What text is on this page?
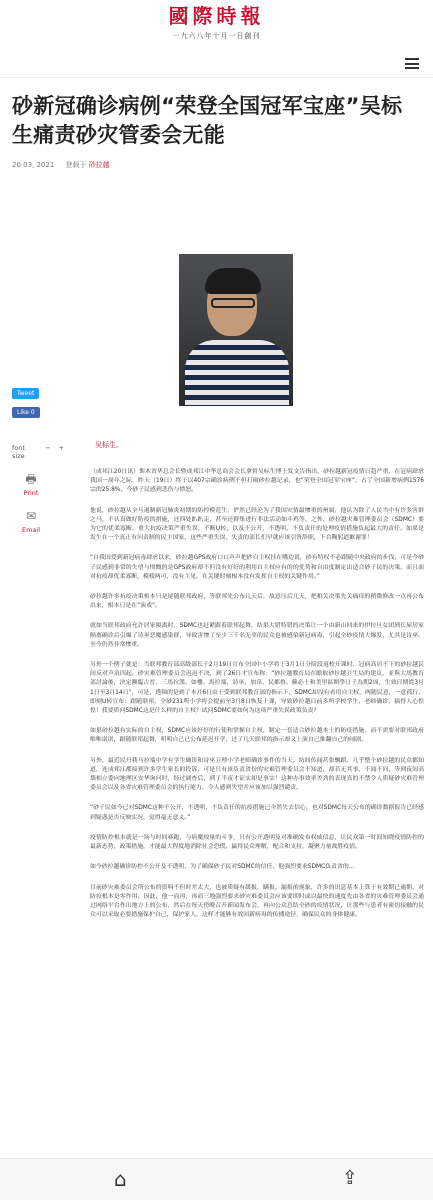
國際時報
一九六八年十月一日創刊
砂新冠确诊病例“荣登全国冠军宝座”吴标生痛责砂灾管委会无能
20 03, 2021 登载于 砂拉越
Tweet
Like 0
font size
− +
🖶
Print
✉
Email
吴标生。

（成邦江20日讯）斯木省华总会长暨成邦江中华总商会会长拿督吴标生博士发文告指出，砂拉越新冠疫情日趋严重，在冠病肆虐我国一周年之际，昨天（19日）终于以407宗确诊病例不但打破砂拉越记录，也“荣登全国冠军宝座”，占了全国新增病例1576宗的25.8%，今砂子民感到悲伤与愤怒。

他说，砂拉越从全马遏制新冠肺炎初期的防控模范生，俨然已经沦为了我国灾情最惨重的州属，他认为除了人民当中有许多害群之马，不认真做好防疫的措施，还四处趴趴走，甚至还群集进行非法活动如斗鸡等，之外，砂拉越灾难管理委员会（SDMC）要为它的优柔寡断，重大抗疫决策严重失误，不断U转，以及不公开，不透明，不负责任的处理疫情措施负起最大的责任。如果是发生在一个真正有问责制的民主国家，这些严重失误、失责的部长们早就应该引咎辞职，下台鞠躬道歉谢罪！

“自我国爱到新冠病毒肆虐以来，砂拉越GPS政府口口声声把砂自主权挂在嘴边说，砂有特权不必跟随中央政府的步伐，可是今砂子民感到非常的失望与愤慨的是GPS政府却不但没有好好的利用自主权应有的的优势和自由度制定出适合砂子民的决策，而且面对抗疫却优柔寡断，模棱两可，没有主见，在关键时刻根本没有发挥自主权的关键作用。”

砂拉越许多抗疫决策根本只是尾随联邦政府，等联邦先公布几天后，故意压后几天，把相关决策先关痛痒的稍微修改一点再公布出来，根本只是在“演戏”。

就如当联邦政府允许居家隔离时，SDMC也赶紧跟着联邦起舞，结果大错特错的决策让一个由新山回来的伊拉旦女团到长屋居家隔离确诊后引爆了诗巫恶魔感染群，导致害惨了至少三千名无辜的民众也被感染新冠病毒，引起全砂疫情大爆发，尤其是诗巫，至今仍然非常惨重。

另外一个例子就是：当联邦教育部高级部长于2月19日宣布全国中小学将于3月1日分阶段返校开课时，冠病高居不下的砂拉越民间反对声浪四起，砂灾难管理委员会迟迟不决，到了26日才宣布称：“砂拉越教育局在瞻取砂拉越卫生局的建议，並與大馬教育部討論後，決定瀕臨古晉、三馬拉漢、如樓、馬拉端、詩巫、加帛、民都魯、蘇必士和美里區開學日子為期2周，生效日期從3月1日至3月14日”，可是，透频的是到了本月6日由于受到联邦教育部的指示下，SDMC却没有看用自主权，两随民意，一意孤行，即刻U转宣布：跟随联邦，全砂231所小学将会提前至3月8日恢复上课，导致砂拉越日前多所学校学生，老师确诊，搞得人心惶惶！我要质问SDMC这是什么样的自主权？试问SDMC要如何为这项严重失误政策负责？

如果砂拉越有实际的自主权，SDMC应该好好的行使和掌握自主权，制定一套适合砂拉越本土的防疫措施，而不需要对联邦政府唯唯诺诺，跟随联邦起舞，明明自己已公布延迟开学，过了几天联邦的指示却又上演自己推翻自己的闹剧。

另外，最近民丹莪马拉端中学有学生确诊和诗巫卫理小学老师确诊事件的当天，坊间传闻甚张飘蹈，几乎整个砂拉越的民众都知道，连成邦江都接到许多学生家长的投诉，可是只有该负责省份的灾难管理委员会不知道，却若无其事，不闻不问，等到夜间高墙相立委向地理区安华询问时，经过调查后，到了半夜才证实却是事实！这种办事效率差劲的表现真的不禁令人质疑砂灾难管理委员会以及各省灾难管理委员会的执行能力，令人感到失望并应该加以强烈谴责。

“砂子民如今已对SDMC这种不公开，不透明，不负责任的抗疫措施已全然失去信心，也对SDMC每天公布的确诊数据报告已经感到疑惑是否反映实况，觉得毫无意义。”

疫情防控根本就是一场与时间赛跑，与病魔较量的斗争，只有公开透明及对准确发布权威信息，让民众第一时间知晓疫情防控的最新态势，政策措施，才能最大程度地消除社会恐慌，赢得民众理解，配合和支持，凝聚力量战胜疫情。

如今砂拉越确诊防控不公开及不透明，为了确保砂子民对SDMC的信任，他强烈要求SDMC负责省的...

目前砂灾难委员会所公布的资料不但时差太大，也被质疑有缓报，瞒报，漏报的现象，许多的讯息基本上算于有效期已逾期，对防疫根本是零作用。因此，他一而再，再而三地强烈要求砂灾难委员会应该要即时或以最快的速度先由各省的灾难管理委员会通过网络平台作出地方上的公布，然后在每天傍晚召开新闻发布会，再向公众总结全砂的疫情状况，让那些与患者有密切接触的民众可以采取必要措施保护自己，保护家人，这样才能够有效回新病毒的传播途径，确保民众的身体健康。

⌂	⇪
